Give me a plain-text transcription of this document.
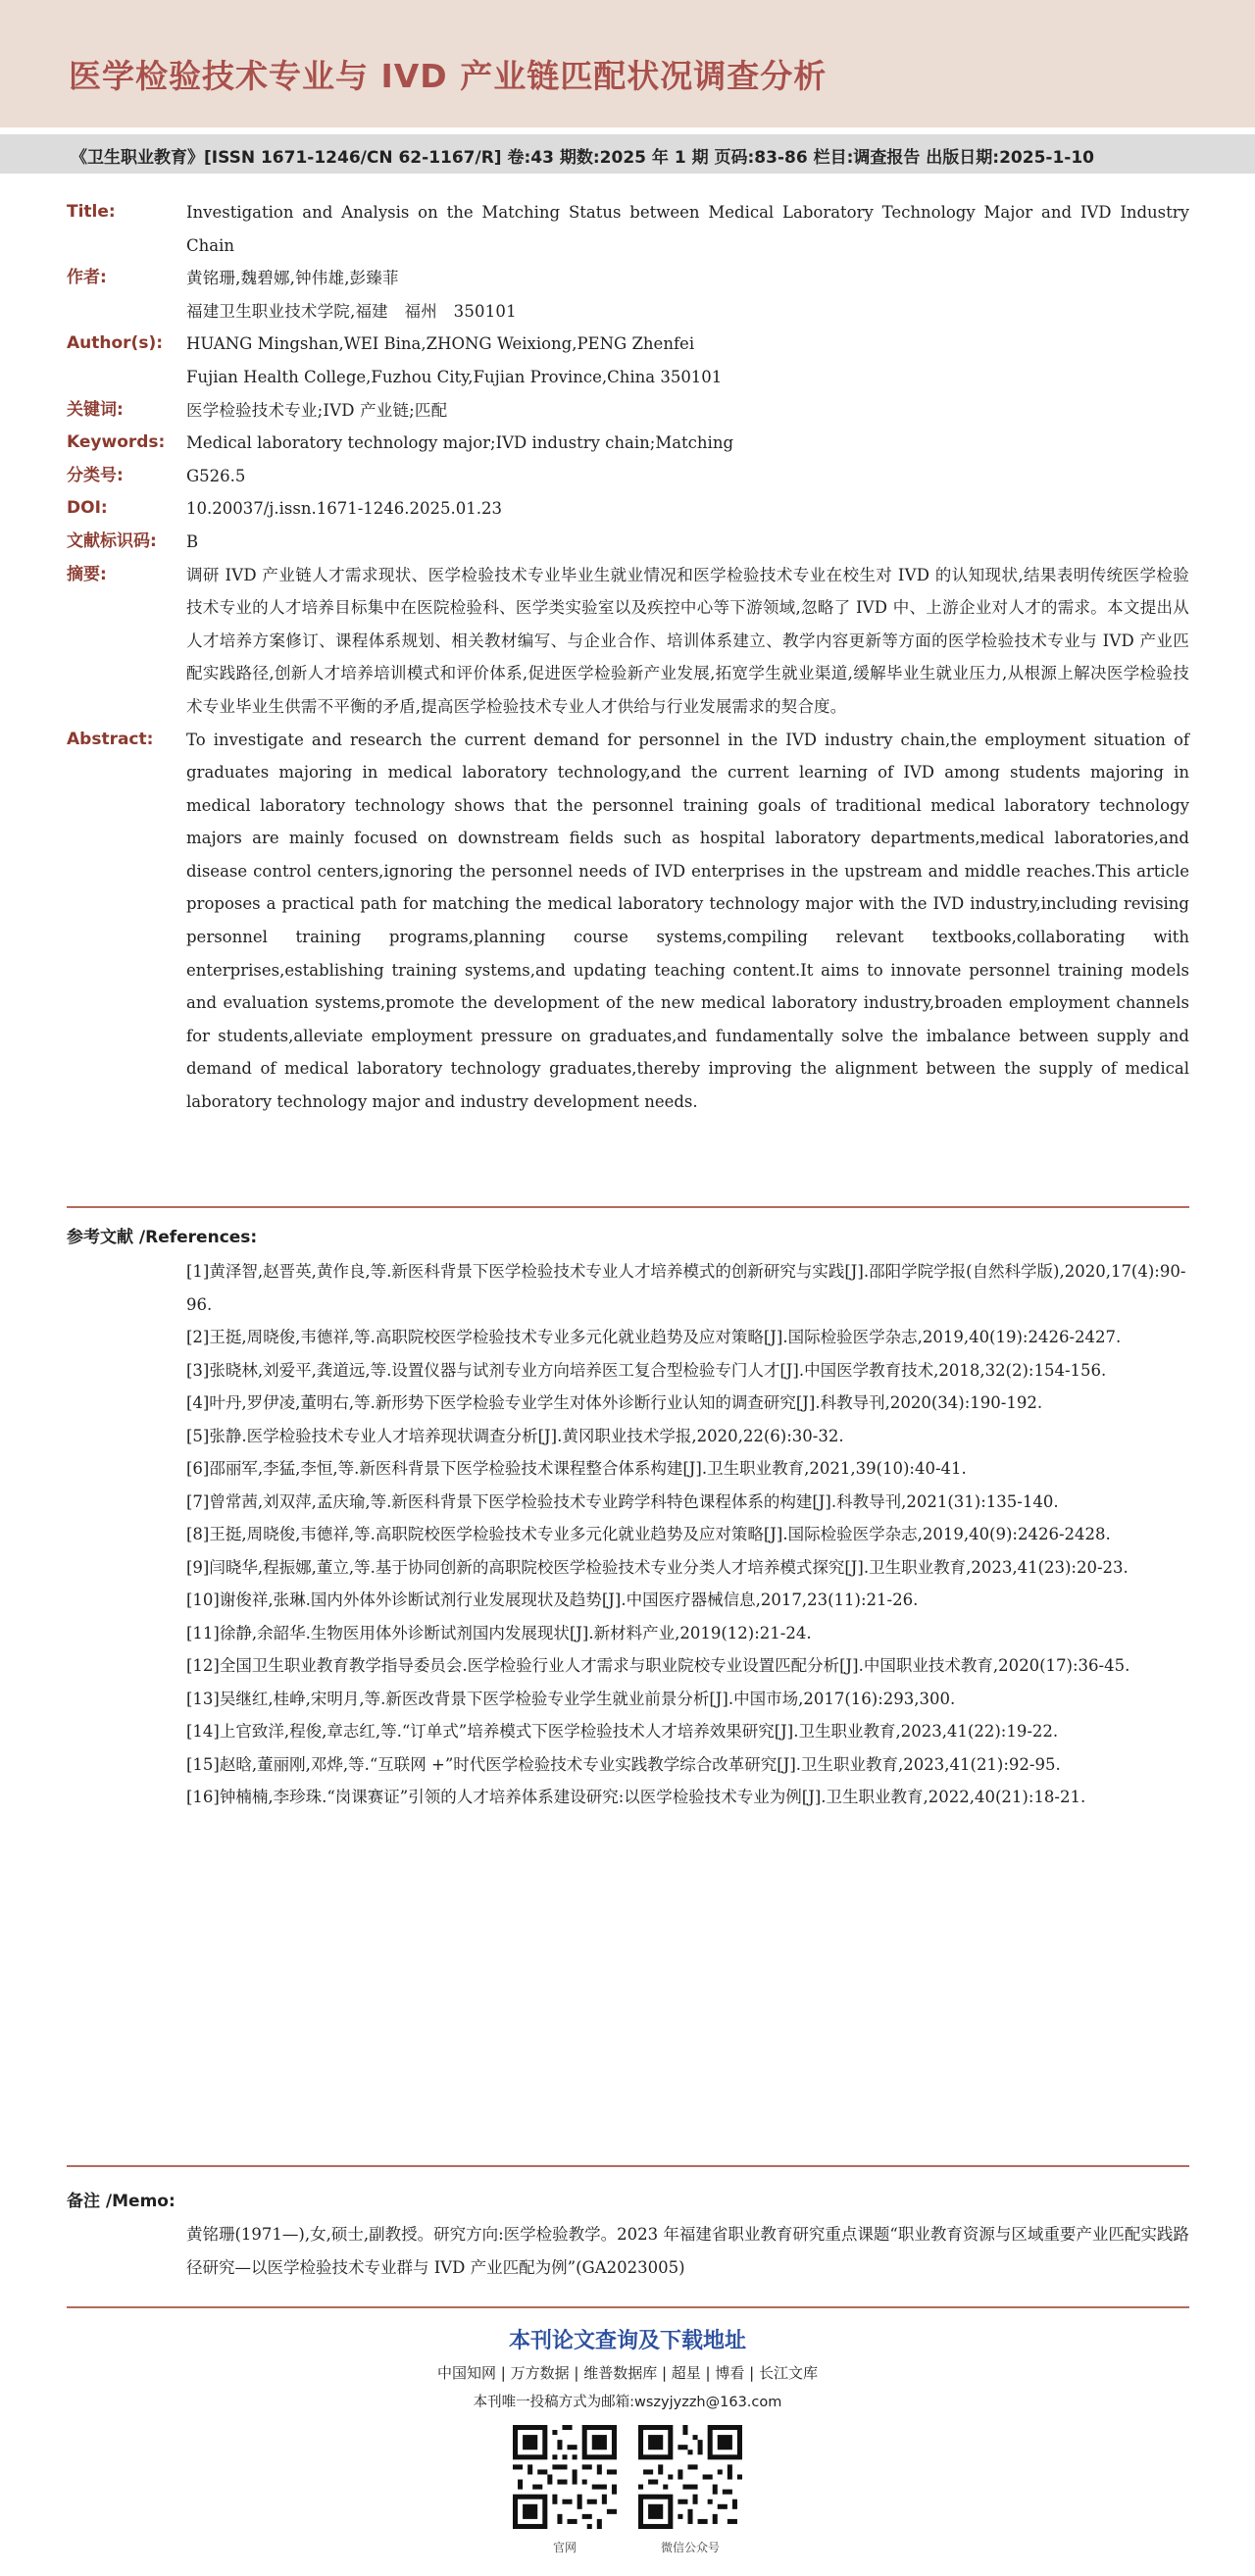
医学检验技术专业与 IVD 产业链匹配状况调查分析
《卫生职业教育》[ISSN 1671-1246/CN 62-1167/R] 卷:43 期数:2025 年 1 期 页码:83-86 栏目:调查报告 出版日期:2025-1-10
Title:	Investigation and Analysis on the Matching Status between Medical Laboratory Technology Major and IVD Industry Chain
作者:	黄铭珊,魏碧娜,钟伟雄,彭臻菲
福建卫生职业技术学院,福建　福州　350101
Author(s):	HUANG Mingshan,WEI Bina,ZHONG Weixiong,PENG Zhenfei
Fujian Health College,Fuzhou City,Fujian Province,China 350101
关键词:	医学检验技术专业;IVD 产业链;匹配
Keywords:	Medical laboratory technology major;IVD industry chain;Matching
分类号:	G526.5
DOI:	10.20037/j.issn.1671-1246.2025.01.23
文献标识码:	B
摘要:	调研 IVD 产业链人才需求现状、医学检验技术专业毕业生就业情况和医学检验技术专业在校生对 IVD 的认知现状,结果表明传统医学检验技术专业的人才培养目标集中在医院检验科、医学类实验室以及疾控中心等下游领域,忽略了 IVD 中、上游企业对人才的需求。本文提出从人才培养方案修订、课程体系规划、相关教材编写、与企业合作、培训体系建立、教学内容更新等方面的医学检验技术专业与 IVD 产业匹配实践路径,创新人才培养培训模式和评价体系,促进医学检验新产业发展,拓宽学生就业渠道,缓解毕业生就业压力,从根源上解决医学检验技术专业毕业生供需不平衡的矛盾,提高医学检验技术专业人才供给与行业发展需求的契合度。
Abstract:	To investigate and research the current demand for personnel in the IVD industry chain,the employment situation of graduates majoring in medical laboratory technology,and the current learning of IVD among students majoring in medical laboratory technology shows that the personnel training goals of traditional medical laboratory technology majors are mainly focused on downstream fields such as hospital laboratory departments,medical laboratories,and disease control centers,ignoring the personnel needs of IVD enterprises in the upstream and middle reaches.This article proposes a practical path for matching the medical laboratory technology major with the IVD industry,including revising personnel training programs,planning course systems,compiling relevant textbooks,collaborating with enterprises,establishing training systems,and updating teaching content.It aims to innovate personnel training models and evaluation systems,promote the development of the new medical laboratory industry,broaden employment channels for students,alleviate employment pressure on graduates,and fundamentally solve the imbalance between supply and demand of medical laboratory technology graduates,thereby improving the alignment between the supply of medical laboratory technology major and industry development needs.
参考文献 /References:
[1]黄泽智,赵晋英,黄作良,等.新医科背景下医学检验技术专业人才培养模式的创新研究与实践[J].邵阳学院学报(自然科学版),2020,17(4):90-96.
[2]王挺,周晓俊,韦德祥,等.高职院校医学检验技术专业多元化就业趋势及应对策略[J].国际检验医学杂志,2019,40(19):2426-2427.
[3]张晓林,刘爱平,龚道远,等.设置仪器与试剂专业方向培养医工复合型检验专门人才[J].中国医学教育技术,2018,32(2):154-156.
[4]叶丹,罗伊凌,董明右,等.新形势下医学检验专业学生对体外诊断行业认知的调查研究[J].科教导刊,2020(34):190-192.
[5]张静.医学检验技术专业人才培养现状调查分析[J].黄冈职业技术学报,2020,22(6):30-32.
[6]邵丽军,李猛,李恒,等.新医科背景下医学检验技术课程整合体系构建[J].卫生职业教育,2021,39(10):40-41.
[7]曾常茜,刘双萍,孟庆瑜,等.新医科背景下医学检验技术专业跨学科特色课程体系的构建[J].科教导刊,2021(31):135-140.
[8]王挺,周晓俊,韦德祥,等.高职院校医学检验技术专业多元化就业趋势及应对策略[J].国际检验医学杂志,2019,40(9):2426-2428.
[9]闫晓华,程振娜,董立,等.基于协同创新的高职院校医学检验技术专业分类人才培养模式探究[J].卫生职业教育,2023,41(23):20-23.
[10]谢俊祥,张琳.国内外体外诊断试剂行业发展现状及趋势[J].中国医疗器械信息,2017,23(11):21-26.
[11]徐静,余韶华.生物医用体外诊断试剂国内发展现状[J].新材料产业,2019(12):21-24.
[12]全国卫生职业教育教学指导委员会.医学检验行业人才需求与职业院校专业设置匹配分析[J].中国职业技术教育,2020(17):36-45.
[13]吴继红,桂峥,宋明月,等.新医改背景下医学检验专业学生就业前景分析[J].中国市场,2017(16):293,300.
[14]上官致洋,程俊,章志红,等.“订单式”培养模式下医学检验技术人才培养效果研究[J].卫生职业教育,2023,41(22):19-22.
[15]赵晗,董丽刚,邓烨,等.“互联网 +”时代医学检验技术专业实践教学综合改革研究[J].卫生职业教育,2023,41(21):92-95.
[16]钟楠楠,李珍珠.“岗课赛证”引领的人才培养体系建设研究:以医学检验技术专业为例[J].卫生职业教育,2022,40(21):18-21.
备注 /Memo:
黄铭珊(1971—),女,硕士,副教授。研究方向:医学检验教学。2023 年福建省职业教育研究重点课题“职业教育资源与区域重要产业匹配实践路径研究—以医学检验技术专业群与 IVD 产业匹配为例”(GA2023005)
本刊论文查询及下载地址
中国知网 | 万方数据 | 维普数据库 | 超星 | 博看 | 长江文库
本刊唯一投稿方式为邮箱:wszyjyzzh@163.com
官网	微信公众号
